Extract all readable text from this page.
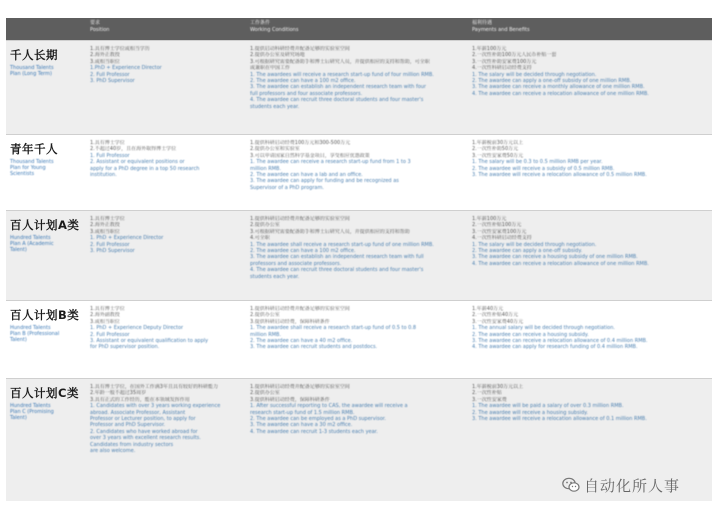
要求
Position
工作条件
Working Conditions
福利待遇
Payments and Benefits
千人长期
Thousand Talents
Plan (Long Term)

1.具有博士学位或相当学历

2.海外正教授

3.或相当职位

1.PhD + Experience Director

2. Full Professor

3. PhD Supervisor

1.提供启动科研经费并配备足够的实验室空间

2.提供办公室及研究场地

3.可根据研究需要配备助手和博士后研究人员，并提供相应的支持和帮助，可全职

或兼职在中国工作

1. The awardees will receive a research start-up fund of four million RMB.

2. The awardee can have a 100 m2 office.

3. The awardee can establish an independent research team with four

full professors and four associate professors.

4. The awardee can recruit three doctoral students and four master's

students each year.

1.年薪100万元

2.一次性补助100万元人民币补贴一套

3.一次性补助安家费100万元

4.一次性科研启动经费支持

1. The salary will be decided through negotiation.

2. The awardee can apply a one-off subsidy of one million RMB.

3. The awardee can receive a monthly allowance of one million RMB.

4. The awardee can receive a relocation allowance of one million RMB.

青年千人
Thousand Talents
Plan for Young
Scientists

1.具有博士学位

2.不超过40岁，且在海外取得博士学位

1. Full Professor

2. Assistant or equivalent positions or

apply for a PhD degree in a top 50 research

institution.

1.提供科研启动经费100万元和300-500万元

2.提供办公室和实验室

3.可以申请国家自然科学基金项目，享受相应优惠政策

1. The awardee can receive a research start-up fund from 1 to 3

million RMB.

2. The awardee can have a lab and an office.

3. The awardee can apply for funding and be recognized as

Supervisor of a PhD program.

1.年薪税前30万元以上

2.一次性补助50万元

3.一次性安家费50万元

1. The salary will be 0.3 to 0.5 million RMB per year.

2. The awardee will receive a subsidy of 0.5 million RMB.

3. The awardee will receive a relocation allowance of 0.5 million RMB.

百人计划A类
Hundred Talents
Plan A (Academic
Talent)

1.具有博士学位

2.海外正教授

3.或相当职位

1. PhD + Experience Director

2. Full Professor

3. PhD Supervisor

1.提供科研启动经费并配备足够的实验室空间

2.提供办公室

3.可根据研究需要配备助手和博士后研究人员，并提供相应的支持和帮助

4.可全职

1. The awardee shall receive a research start-up fund of one million RMB.

2. The awardee can have a 100 m2 office.

3. The awardee can establish an independent research team with full

professors and associate professors.

4. The awardee can recruit three doctoral students and four master's

students each year.

1.年薪100万元

2.一次性补贴100万元

3.一次性安家费100万元

4.一次性科研启动经费支持

1. The salary will be decided through negotiation.

2. The awardee can apply a one-off subsidy.

3. The awardee can receive a housing subsidy of one million RMB.

4. The awardee can receive a relocation allowance of one million RMB.

百人计划B类
Hundred Talents
Plan B (Professional
Talent)

1.具有博士学位

2.海外副教授

3.或相当职位

1. PhD + Experience Deputy Director

2. Full Professor

3. Assistant or equivalent qualification to apply

for PhD supervisor position.

1.提供科研启动经费并配备足够的实验室空间

2.提供办公室

3.提供科研启动经费，保障科研条件

1. The awardee shall receive a research start-up fund of 0.5 to 0.8

million RMB.

2. The awardee can have a 40 m2 office.

3. The awardee can recruit students and postdocs.

1.年薪40万元

2.一次性补贴40万元

3.一次性安家费40万元

1. The annual salary will be decided through negotiation.

2. The awardee can receive a housing subsidy.

3. The awardee can receive a relocation allowance of 0.4 million RMB.

4. The awardee can apply for research funding of 0.4 million RMB.

百人计划C类
Hundred Talents
Plan C (Promising
Talent)

1.具有博士学位，在国外工作满3年且具有较好的科研能力

2.年龄一般不超过35周岁

3.具有正式的工作经历，能在本领域发挥作用

1. Candidates with over 3 years working experience

abroad. Associate Professor, Assistant

Professor or Lecturer position, to apply for

Professor and PhD Supervisor.

2. Candidates who have worked abroad for

over 3 years with excellent research results.

Candidates from industry sectors

are also welcome.

1.提供科研启动经费并配备足够的实验室空间

2.提供办公室

3.提供科研启动经费，保障科研条件

1. After successful reporting to CAS, the awardee will receive a

research start-up fund of 1.5 million RMB.

2. The awardee can be employed as a PhD supervisor.

3. The awardee can have a 30 m2 office.

4. The awardee can recruit 1-3 students each year.

1.年薪税前30万元以上

2.一次性补贴

3.一次性安家费

1. The awardee will be paid a salary of over 0.3 million RMB.

2. The awardee will receive a housing subsidy.

3. The awardee will receive a relocation allowance of 0.1 million RMB.

自动化所人事
